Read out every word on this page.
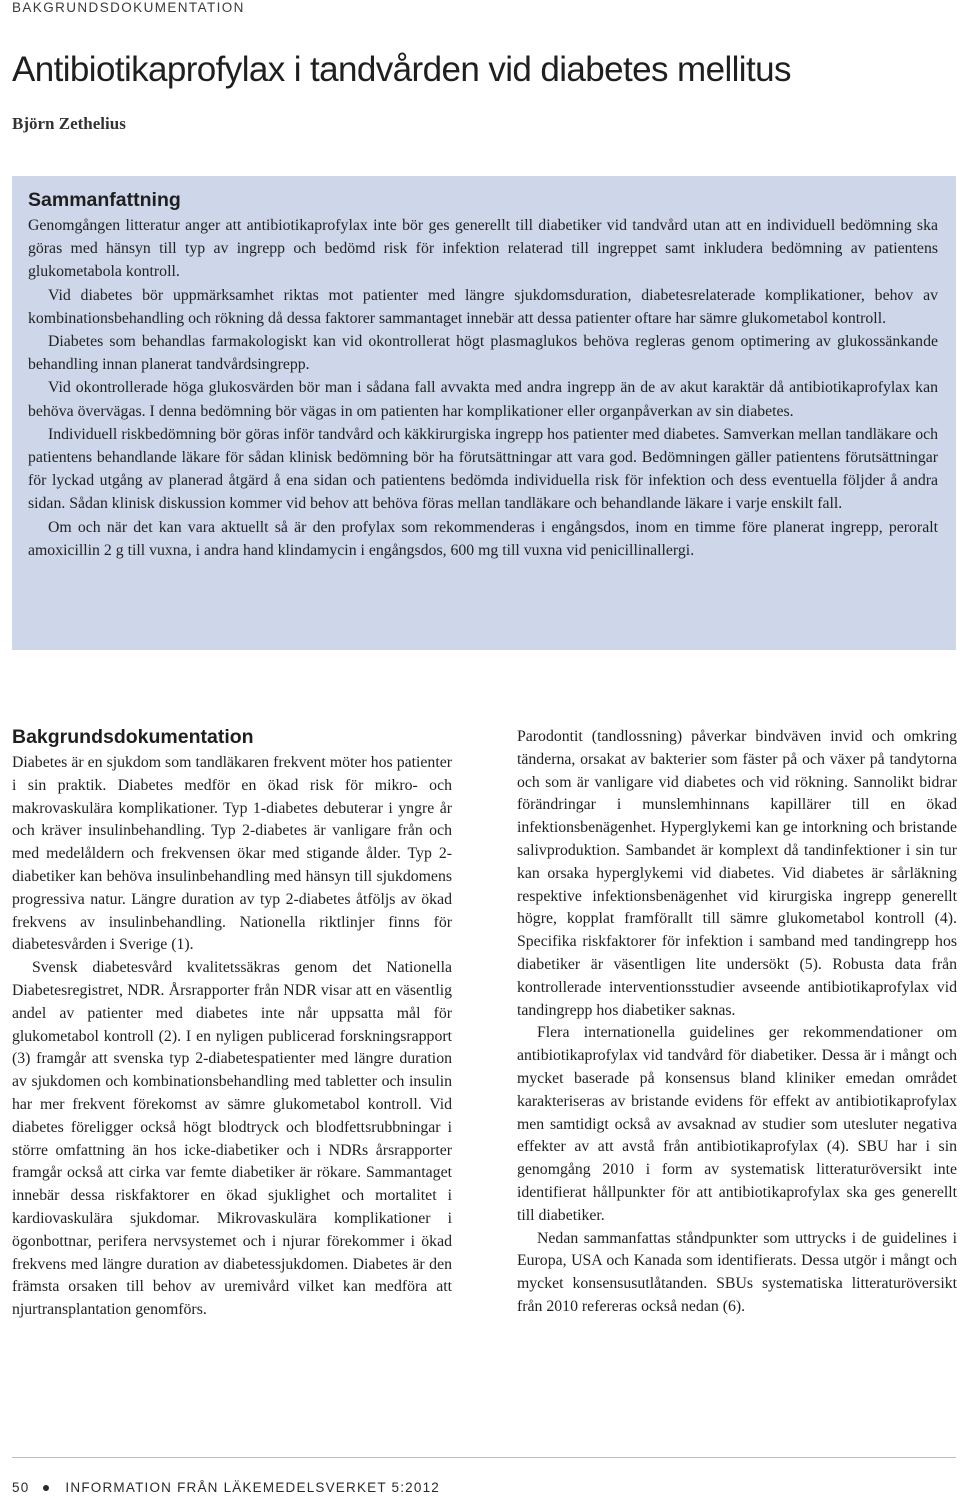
BAKGRUNDSDOKUMENTATION
Antibiotikaprofylax i tandvården vid diabetes mellitus
Björn Zethelius
Sammanfattning

Genomgången litteratur anger att antibiotikaprofylax inte bör ges generellt till diabetiker vid tandvård utan att en individuell bedömning ska göras med hänsyn till typ av ingrepp och bedömd risk för infektion relaterad till ingreppet samt inkludera bedömning av patientens glukometabola kontroll.

Vid diabetes bör uppmärksamhet riktas mot patienter med längre sjukdomsduration, diabetesrelaterade komplikationer, behov av kombinationsbehandling och rökning då dessa faktorer sammantaget innebär att dessa patienter oftare har sämre glukometabol kontroll.

Diabetes som behandlas farmakologiskt kan vid okontrollerat högt plasmaglukos behöva regleras genom optimering av glukossänkande behandling innan planerat tandvårdsingrepp.

Vid okontrollerade höga glukosvärden bör man i sådana fall avvakta med andra ingrepp än de av akut karaktär då antibiotikaprofylax kan behöva övervägas. I denna bedömning bör vägas in om patienten har komplikationer eller organpåverkan av sin diabetes.

Individuell riskbedömning bör göras inför tandvård och käkkirurgiska ingrepp hos patienter med diabetes. Samverkan mellan tandläkare och patientens behandlande läkare för sådan klinisk bedömning bör ha förutsättningar att vara god. Bedömningen gäller patientens förutsättningar för lyckad utgång av planerad åtgärd å ena sidan och patientens bedömda individuella risk för infektion och dess eventuella följder å andra sidan. Sådan klinisk diskussion kommer vid behov att behöva föras mellan tandläkare och behandlande läkare i varje enskilt fall.

Om och när det kan vara aktuellt så är den profylax som rekommenderas i engångsdos, inom en timme före planerat ingrepp, peroralt amoxicillin 2 g till vuxna, i andra hand klindamycin i engångsdos, 600 mg till vuxna vid penicillinallergi.

Bakgrundsdokumentation

Diabetes är en sjukdom som tandläkaren frekvent möter hos patienter i sin praktik. Diabetes medför en ökad risk för mikro- och makrovaskulära komplikationer. Typ 1-diabetes debuterar i yngre år och kräver insulinbehandling. Typ 2-diabetes är vanligare från och med medelåldern och frekvensen ökar med stigande ålder. Typ 2-diabetiker kan behöva insulinbehandling med hänsyn till sjukdomens progressiva natur. Längre duration av typ 2-diabetes åtföljs av ökad frekvens av insulinbehandling. Nationella riktlinjer finns för diabetesvården i Sverige (1).

Svensk diabetesvård kvalitetssäkras genom det Nationella Diabetesregistret, NDR. Årsrapporter från NDR visar att en väsentlig andel av patienter med diabetes inte når uppsatta mål för glukometabol kontroll (2). I en nyligen publicerad forskningsrapport (3) framgår att svenska typ 2-diabetespatienter med längre duration av sjukdomen och kombinationsbehandling med tabletter och insulin har mer frekvent förekomst av sämre glukometabol kontroll. Vid diabetes föreligger också högt blodtryck och blodfettsrubbningar i större omfattning än hos icke-diabetiker och i NDRs årsrapporter framgår också att cirka var femte diabetiker är rökare. Sammantaget innebär dessa riskfaktorer en ökad sjuklighet och mortalitet i kardiovaskulära sjukdomar. Mikrovaskulära komplikationer i ögonbottnar, perifera nervsystemet och i njurar förekommer i ökad frekvens med längre duration av diabetessjukdomen. Diabetes är den främsta orsaken till behov av uremivård vilket kan medföra att njurtransplantation genomförs.

Parodontit (tandlossning) påverkar bindväven invid och omkring tänderna, orsakat av bakterier som fäster på och växer på tandytorna och som är vanligare vid diabetes och vid rökning. Sannolikt bidrar förändringar i munslemhinnans kapillärer till en ökad infektionsbenägenhet. Hyperglykemi kan ge intorkning och bristande salivproduktion. Sambandet är komplext då tandinfektioner i sin tur kan orsaka hyperglykemi vid diabetes. Vid diabetes är sårläkning respektive infektionsbenägenhet vid kirurgiska ingrepp generellt högre, kopplat framförallt till sämre glukometabol kontroll (4). Specifika riskfaktorer för infektion i samband med tandingrepp hos diabetiker är väsentligen lite undersökt (5). Robusta data från kontrollerade interventionsstudier avseende antibiotikaprofylax vid tandingrepp hos diabetiker saknas.

Flera internationella guidelines ger rekommendationer om antibiotikaprofylax vid tandvård för diabetiker. Dessa är i mångt och mycket baserade på konsensus bland kliniker emedan området karakteriseras av bristande evidens för effekt av antibiotikaprofylax men samtidigt också av avsaknad av studier som utesluter negativa effekter av att avstå från antibiotikaprofylax (4). SBU har i sin genomgång 2010 i form av systematisk litteraturöversikt inte identifierat hållpunkter för att antibiotikaprofylax ska ges generellt till diabetiker.

Nedan sammanfattas ståndpunkter som uttrycks i de guidelines i Europa, USA och Kanada som identifierats. Dessa utgör i mångt och mycket konsensusutlåtanden. SBUs systematiska litteraturöversikt från 2010 refereras också nedan (6).

50	INFORMATION FRÅN LÄKEMEDELSVERKET 5:2012
